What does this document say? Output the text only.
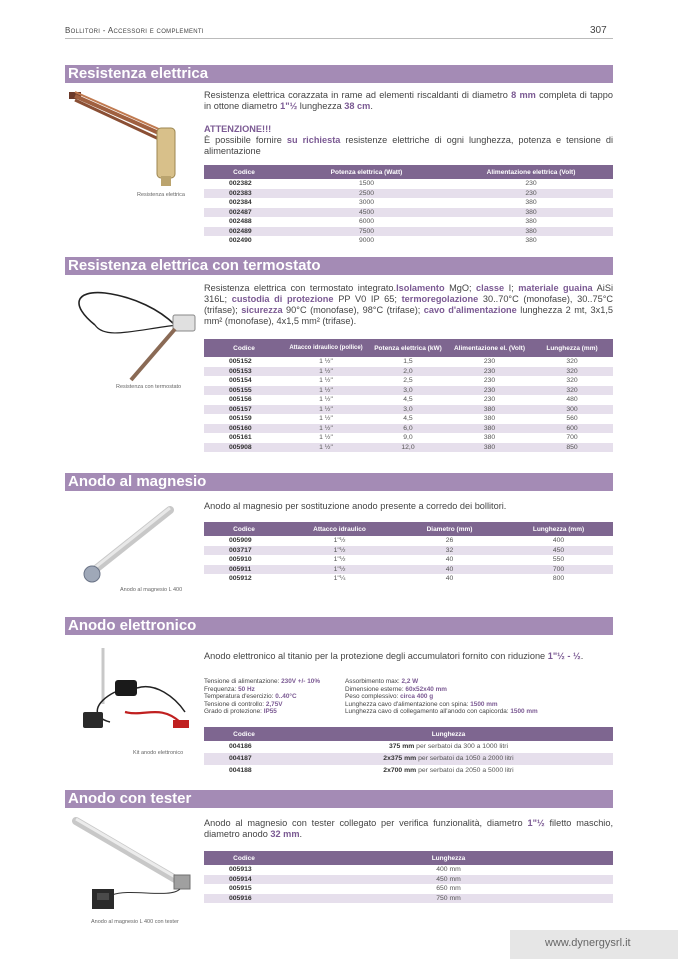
Bollitori - Accessori e complementi	307
Resistenza elettrica
Resistenza elettrica
Resistenza elettrica corazzata in rame ad elementi riscaldanti di diametro 8 mm completa di tappo in ottone diametro 1"½ lunghezza 38 cm.
ATTENZIONE!!!
È possibile fornire su richiesta resistenze elettriche di ogni lunghezza, potenza e tensione di alimentazione
Codice	Potenza elettrica (Watt)	Alimentazione elettrica (Volt)
002382	1500	230
002383	2500	230
002384	3000	380
002487	4500	380
002488	6000	380
002489	7500	380
002490	9000	380
Resistenza elettrica con termostato
Resistenza con termostato
Resistenza elettrica con termostato integrato.Isolamento MgO; classe I; materiale guaina AiSi 316L; custodia di protezione PP V0 IP 65; termoregolazione 30..70°C (monofase), 30..75°C (trifase); sicurezza 90°C (monofase), 98°C (trifase); cavo d'alimentazione lunghezza 2 mt, 3x1,5 mm² (monofase), 4x1,5 mm² (trifase).
Codice	Attacco idraulico (pollice)	Potenza elettrica (kW)	Alimentazione el. (Volt)	Lunghezza (mm)
005152	1 ½"	1,5	230	320
005153	1 ½"	2,0	230	320
005154	1 ½"	2,5	230	320
005155	1 ½"	3,0	230	320
005156	1 ½"	4,5	230	480
005157	1 ½"	3,0	380	300
005159	1 ½"	4,5	380	560
005160	1 ½"	6,0	380	600
005161	1 ½"	9,0	380	700
005908	1 ½"	12,0	380	850
Anodo al magnesio
Anodo al magnesio L 400
Anodo al magnesio per sostituzione anodo presente a corredo dei bollitori.
Codice	Attacco idraulico	Diametro (mm)	Lunghezza (mm)
005909	1"½	26	400
003717	1"½	32	450
005910	1"½	40	550
005911	1"½	40	700
005912	1"¼	40	800
Anodo elettronico
Kit anodo elettronico
Anodo elettronico al titanio per la protezione degli accumulatori fornito con riduzione 1"½ - ½.
Tensione di alimentazione: 230V +/- 10%
Frequenza: 50 Hz
Temperatura d'esercizio: 0..40°C
Tensione di controllo: 2,75V
Grado di protezione: IP55
Assorbimento max: 2,2 W
Dimensione esterne: 60x52x40 mm
Peso complessivo: circa 400 g
Lunghezza cavo d'alimentazione con spina: 1500 mm
Lunghezza cavo di collegamento all'anodo con capicorda: 1500 mm
Codice	Lunghezza
004186	375 mm per serbatoi da 300 a 1000 litri
004187	2x375 mm per serbatoi da 1050 a 2000 litri
004188	2x700 mm per serbatoi da 2050 a 5000 litri
Anodo con tester
Anodo al magnesio L 400 con tester
Anodo al magnesio con tester collegato per verifica funzionalità, diametro 1"½ filetto maschio, diametro anodo 32 mm.
Codice	Lunghezza
005913	400 mm
005914	450 mm
005915	650 mm
005916	750 mm
www.dynergysrl.it
